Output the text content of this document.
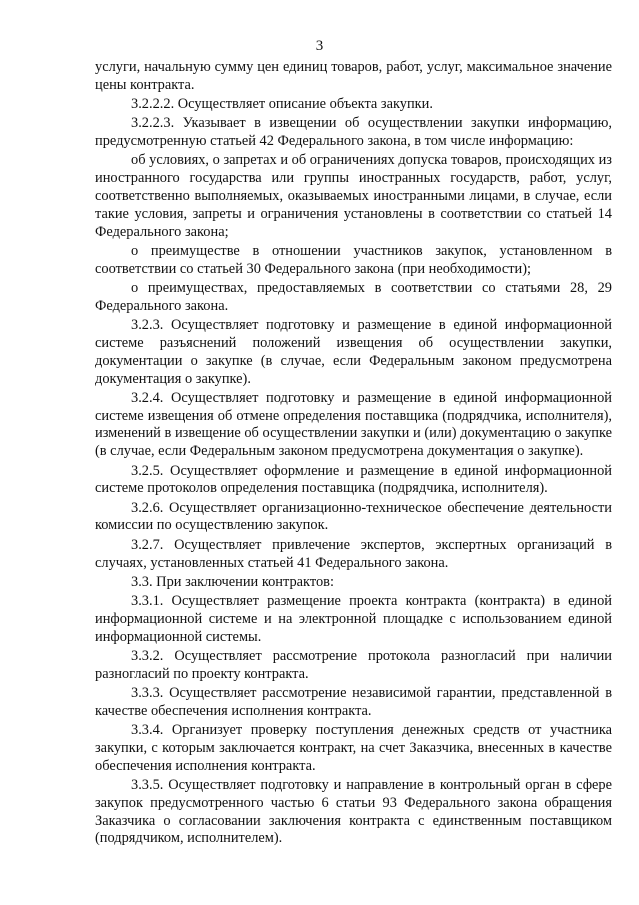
3

услуги, начальную сумму цен единиц товаров, работ, услуг, максимальное значение цены контракта.

3.2.2.2. Осуществляет описание объекта закупки.

3.2.2.3. Указывает в извещении об осуществлении закупки информацию, предусмотренную статьей 42 Федерального закона, в том числе информацию:

об условиях, о запретах и об ограничениях допуска товаров, происходящих из иностранного государства или группы иностранных государств, работ, услуг, соответственно выполняемых, оказываемых иностранными лицами, в случае, если такие условия, запреты и ограничения установлены в соответствии со статьей 14 Федерального закона;

о преимуществе в отношении участников закупок, установленном в соответствии со статьей 30 Федерального закона (при необходимости);

о преимуществах, предоставляемых в соответствии со статьями 28, 29 Федерального закона.

3.2.3. Осуществляет подготовку и размещение в единой информационной системе разъяснений положений извещения об осуществлении закупки, документации о закупке (в случае, если Федеральным законом предусмотрена документация о закупке).

3.2.4. Осуществляет подготовку и размещение в единой информационной системе извещения об отмене определения поставщика (подрядчика, исполнителя), изменений в извещение об осуществлении закупки и (или) документацию о закупке (в случае, если Федеральным законом предусмотрена документация о закупке).

3.2.5. Осуществляет оформление и размещение в единой информационной системе протоколов определения поставщика (подрядчика, исполнителя).

3.2.6. Осуществляет организационно-техническое обеспечение деятельности комиссии по осуществлению закупок.

3.2.7. Осуществляет привлечение экспертов, экспертных организаций в случаях, установленных статьей 41 Федерального закона.

3.3. При заключении контрактов:

3.3.1. Осуществляет размещение проекта контракта (контракта) в единой информационной системе и на электронной площадке с использованием единой информационной системы.

3.3.2. Осуществляет рассмотрение протокола разногласий при наличии разногласий по проекту контракта.

3.3.3. Осуществляет рассмотрение независимой гарантии, представленной в качестве обеспечения исполнения контракта.

3.3.4. Организует проверку поступления денежных средств от участника закупки, с которым заключается контракт, на счет Заказчика, внесенных в качестве обеспечения исполнения контракта.

3.3.5. Осуществляет подготовку и направление в контрольный орган в сфере закупок предусмотренного частью 6 статьи 93 Федерального закона обращения Заказчика о согласовании заключения контракта с единственным поставщиком (подрядчиком, исполнителем).
